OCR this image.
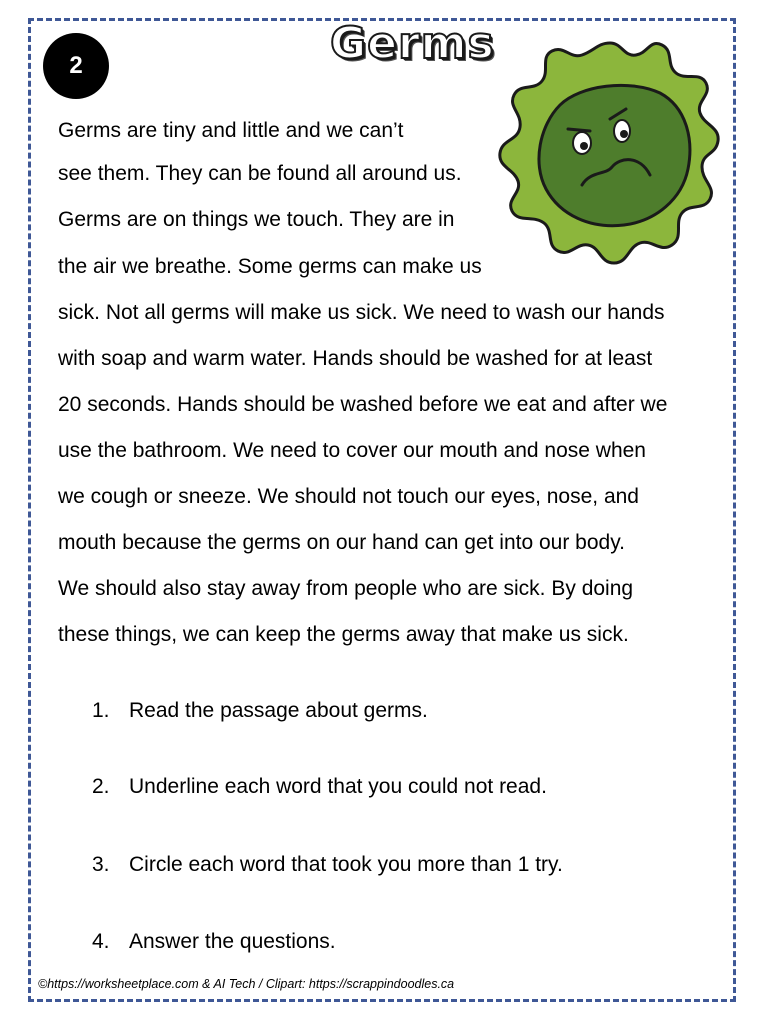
2	Germs
Germs are tiny and little and we can’t
see them. They can be found all around us.
Germs are on things we touch. They are in
the air we breathe. Some germs can make us
sick. Not all germs will make us sick. We need to wash our hands
with soap and warm water. Hands should be washed for at least
20 seconds. Hands should be washed before we eat and after we
use the bathroom. We need to cover our mouth and nose when
we cough or sneeze. We should not touch our eyes, nose, and
mouth because the germs on our hand can get into our body.
We should also stay away from people who are sick. By doing
these things, we can keep the germs away that make us sick.
1. Read the passage about germs.
2. Underline each word that you could not read.
3. Circle each word that took you more than 1 try.
4. Answer the questions.
©https://worksheetplace.com & AI Tech / Clipart: https://scrappindoodles.ca
